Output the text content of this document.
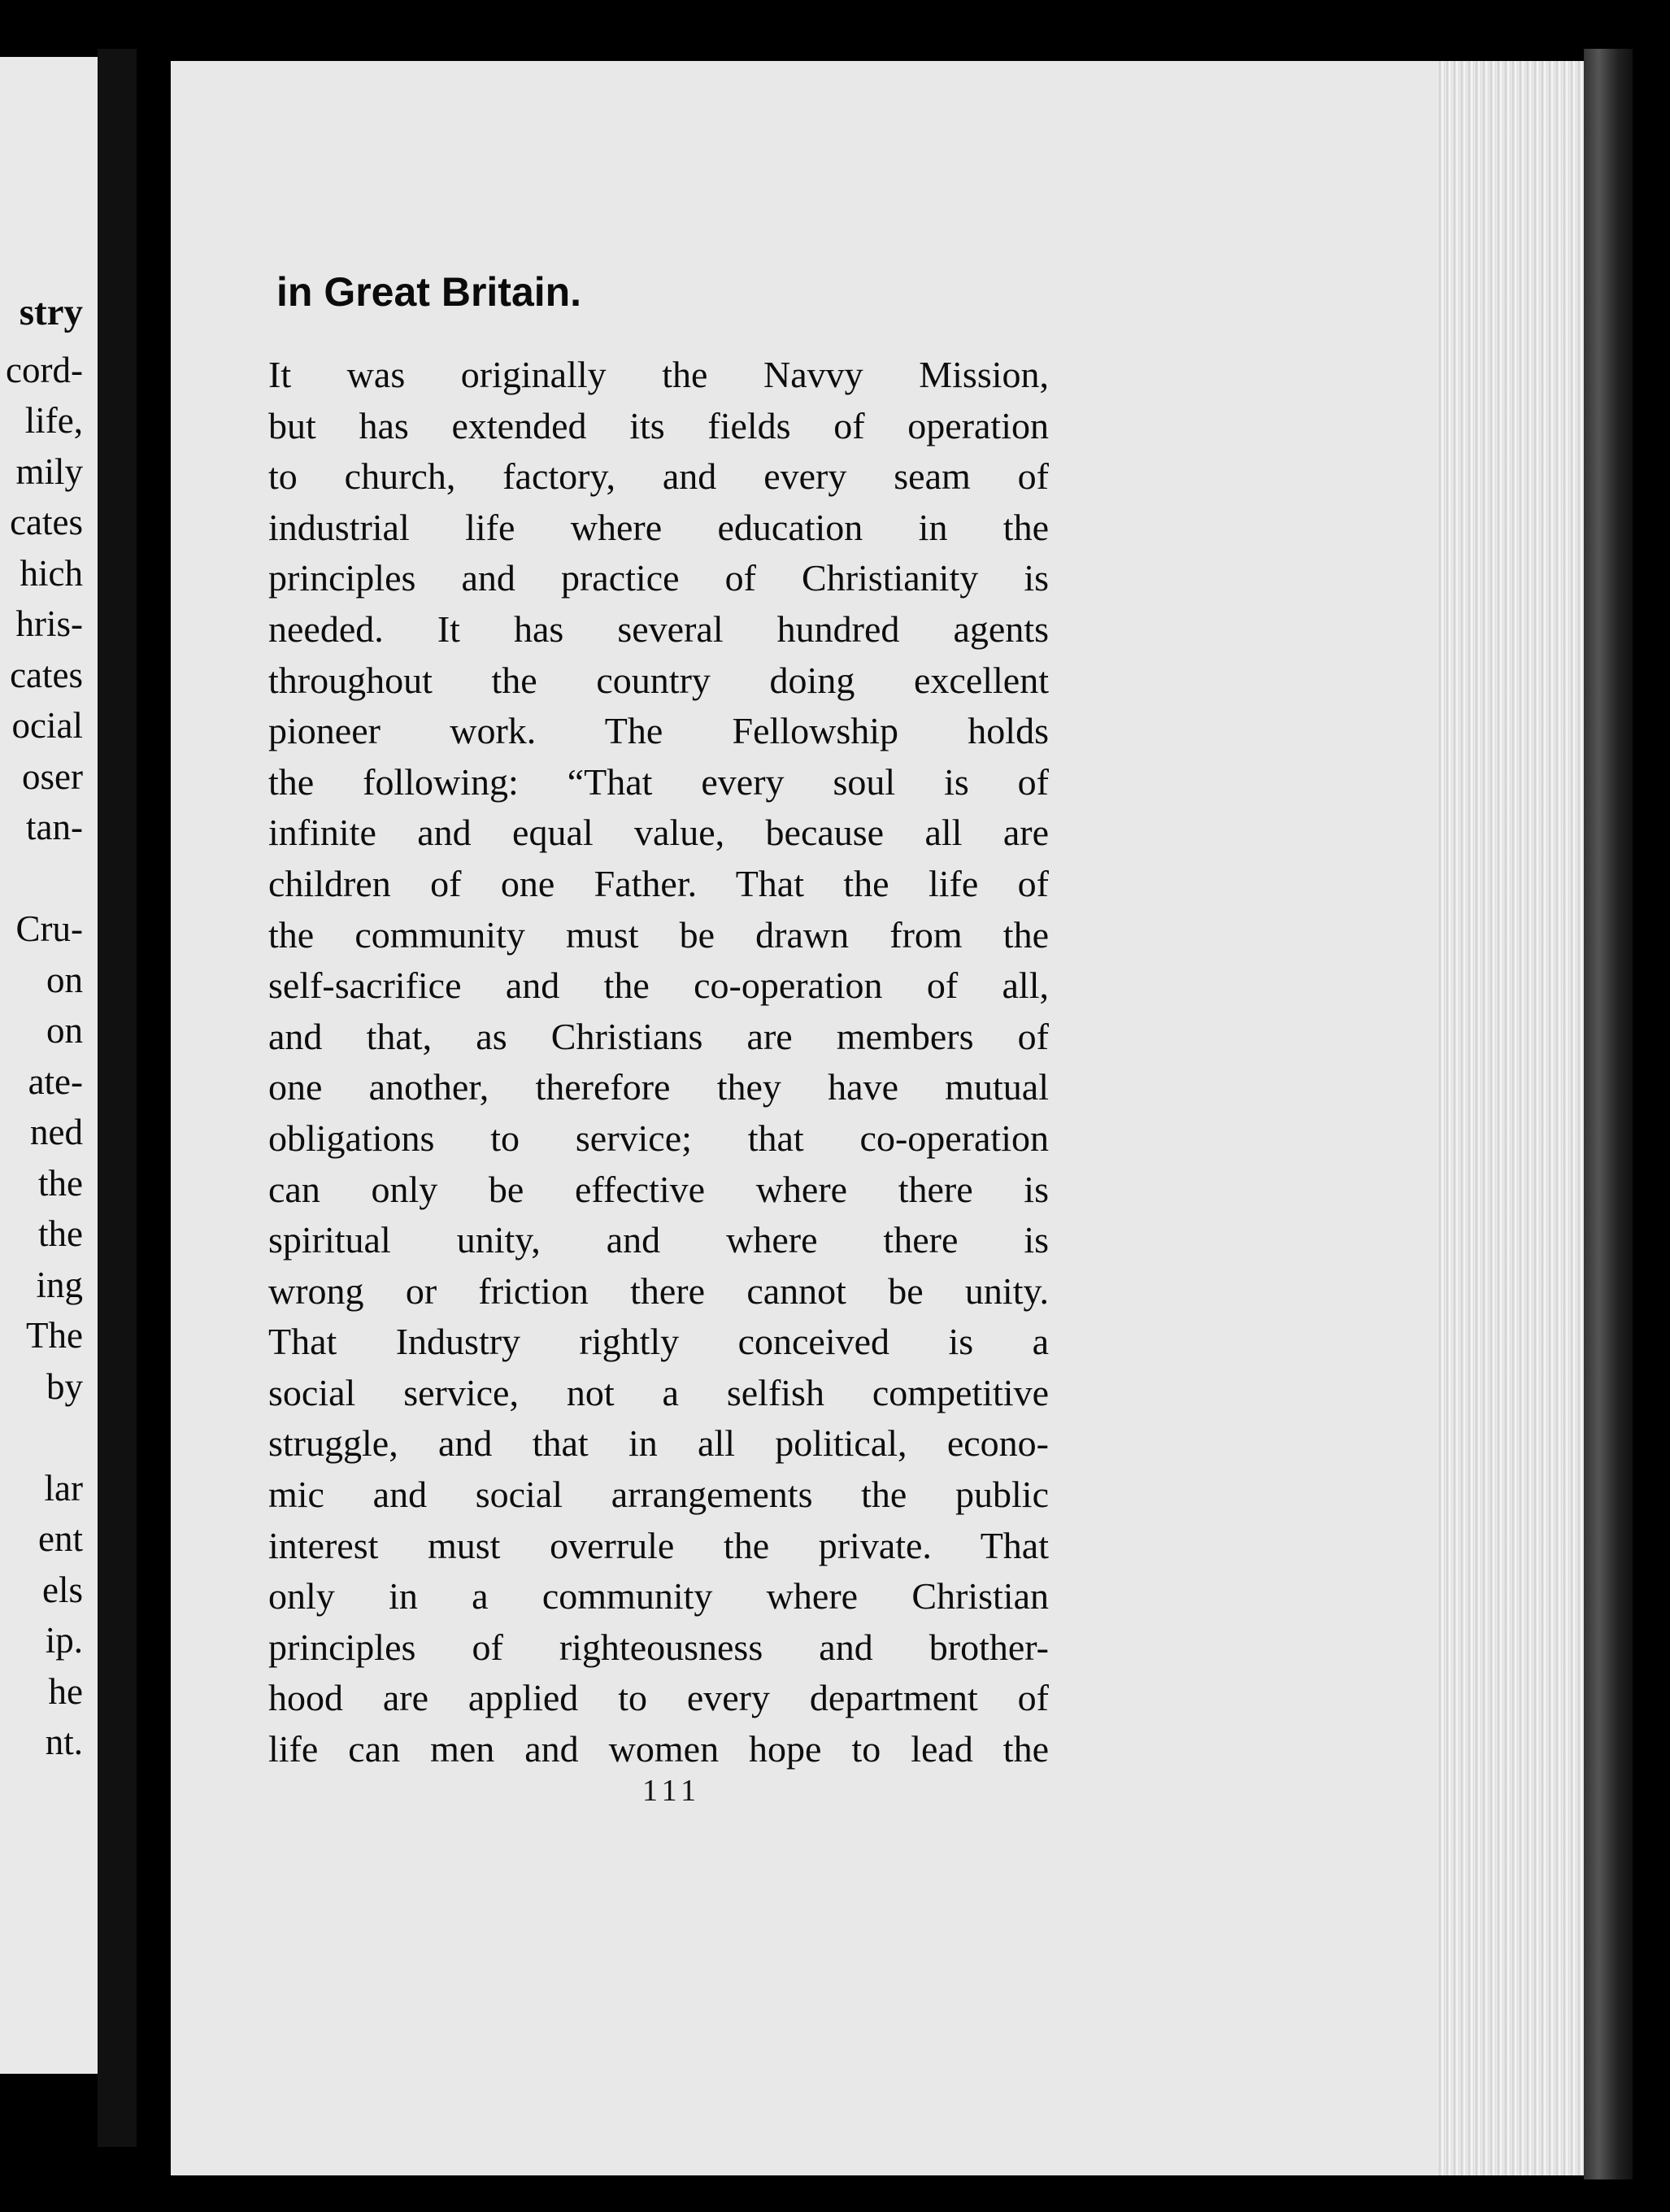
stry
cord-
life,
mily
cates
hich
hris-
cates
ocial
oser
tan-
Cru-
on
on
ate-
ned
the
the
ing
The
by
lar
ent
els
ip.
he
nt.
in Great Britain.
It was originally the Navvy Mission,
but has extended its fields of operation
to church, factory, and every seam of
industrial life where education in the
principles and practice of Christianity is
needed. It has several hundred agents
throughout the country doing excellent
pioneer work. The Fellowship holds
the following: “That every soul is of
infinite and equal value, because all are
children of one Father. That the life of
the community must be drawn from the
self-sacrifice and the co-operation of all,
and that, as Christians are members of
one another, therefore they have mutual
obligations to service; that co-operation
can only be effective where there is
spiritual unity, and where there is
wrong or friction there cannot be unity.
That Industry rightly conceived is a
social service, not a selfish competitive
struggle, and that in all political, econo-
mic and social arrangements the public
interest must overrule the private. That
only in a community where Christian
principles of righteousness and brother-
hood are applied to every department of
life can men and women hope to lead the
111
